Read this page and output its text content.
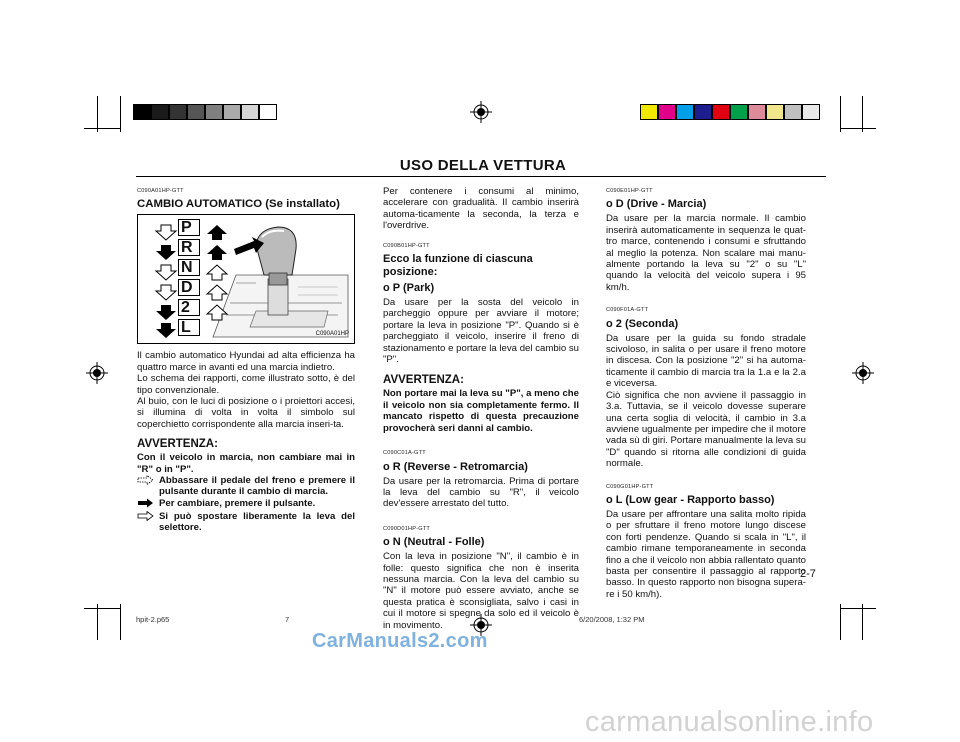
USO DELLA VETTURA
C090A01HP-GTT
CAMBIO AUTOMATICO (Se installato)
P
R
N
D
2
L	C090A01HP

Il cambio automatico Hyundai ad alta efficienza ha quattro marce in avanti ed una marcia indietro.

Lo schema dei rapporti, come illustrato sotto, è del tipo convenzionale.

Al buio, con le luci di posizione o i proiettori accesi, si illumina di volta in volta il simbolo sul coperchietto corrispondente alla marcia inseri-ta.

AVVERTENZA:

Con il veicolo in marcia, non cambiare mai in "R" o in "P".

Abbassare il pedale del freno e premere il pulsante durante il cambio di marcia.
Per cambiare, premere il pulsante.
Si può spostare liberamente la leva del selettore.

Per contenere i consumi al minimo, accelerare con gradualità. Il cambio inserirà automa-ticamente la seconda, la terza e l'overdrive.

C090B01HP-GTT
Ecco la funzione di ciascuna posizione:
o P (Park)

Da usare per la sosta del veicolo in parcheggio oppure per avviare il motore; portare la leva in posizione "P". Quando si è parcheggiato il veicolo, inserire il freno di stazionamento e portare la leva del cambio su "P".

AVVERTENZA:

Non portare mai la leva su "P", a meno che il veicolo non sia completamente fermo. Il mancato rispetto di questa precauzione provocherà seri danni al cambio.

C090C01A-GTT
o R (Reverse - Retromarcia)

Da usare per la retromarcia. Prima di portare la leva del cambio su "R", il veicolo dev'essere arrestato del tutto.

C090D01HP-GTT
o N (Neutral - Folle)

Con la leva in posizione "N", il cambio è in folle: questo significa che non è inserita nessuna marcia. Con la leva del cambio su "N" il motore può essere avviato, anche se questa pratica è sconsigliata, salvo i casi in cui il motore si spegne da solo ed il veicolo è in movimento.

C090E01HP-GTT
o D (Drive - Marcia)

Da usare per la marcia normale. Il cambio inserirà automaticamente in sequenza le quat-tro marce, contenendo i consumi e sfruttando al meglio la potenza. Non scalare mai manu-almente portando la leva su "2" o su "L" quando la velocità del veicolo supera i 95 km/h.

C090F01A-GTT
o 2 (Seconda)

Da usare per la guida su fondo stradale scivoloso, in salita o per usare il freno motore in discesa. Con la posizione "2" si ha automa-ticamente il cambio di marcia tra la 1.a e la 2.a e viceversa.

Ciò significa che non avviene il passaggio in 3.a. Tuttavia, se il veicolo dovesse superare una certa soglia di velocità, il cambio in 3.a avviene ugualmente per impedire che il motore vada sù di giri. Portare manualmente la leva su "D" quando si ritorna alle condizioni di guida normale.

C090G01HP-GTT
o L (Low gear - Rapporto basso)

Da usare per affrontare una salita molto ripida o per sfruttare il freno motore lungo discese con forti pendenze. Quando si scala in "L", il cambio rimane temporaneamente in seconda fino a che il veicolo non abbia rallentato quanto basta per consentire il passaggio al rapporto basso. In questo rapporto non bisogna supera-re i 50 km/h).

2-7
hpit-2.p65	7	6/20/2008, 1:32 PM
CarManuals2.com
carmanualsonline.info
